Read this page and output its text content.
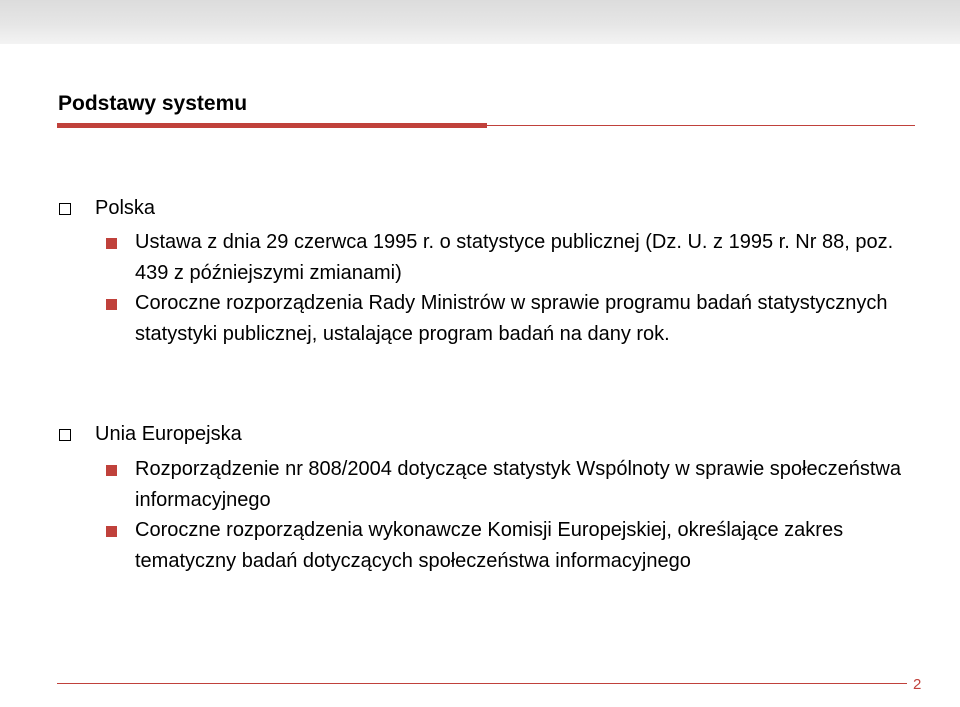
Podstawy systemu
Polska
Ustawa z dnia 29 czerwca 1995 r. o statystyce publicznej (Dz. U. z 1995 r. Nr 88, poz. 439 z późniejszymi zmianami)
Coroczne rozporządzenia Rady Ministrów w sprawie programu badań statystycznych statystyki publicznej, ustalające program badań na dany rok.
Unia Europejska
Rozporządzenie nr 808/2004 dotyczące statystyk Wspólnoty w sprawie społeczeństwa informacyjnego
Coroczne rozporządzenia wykonawcze Komisji Europejskiej, określające zakres tematyczny badań dotyczących społeczeństwa informacyjnego
2
